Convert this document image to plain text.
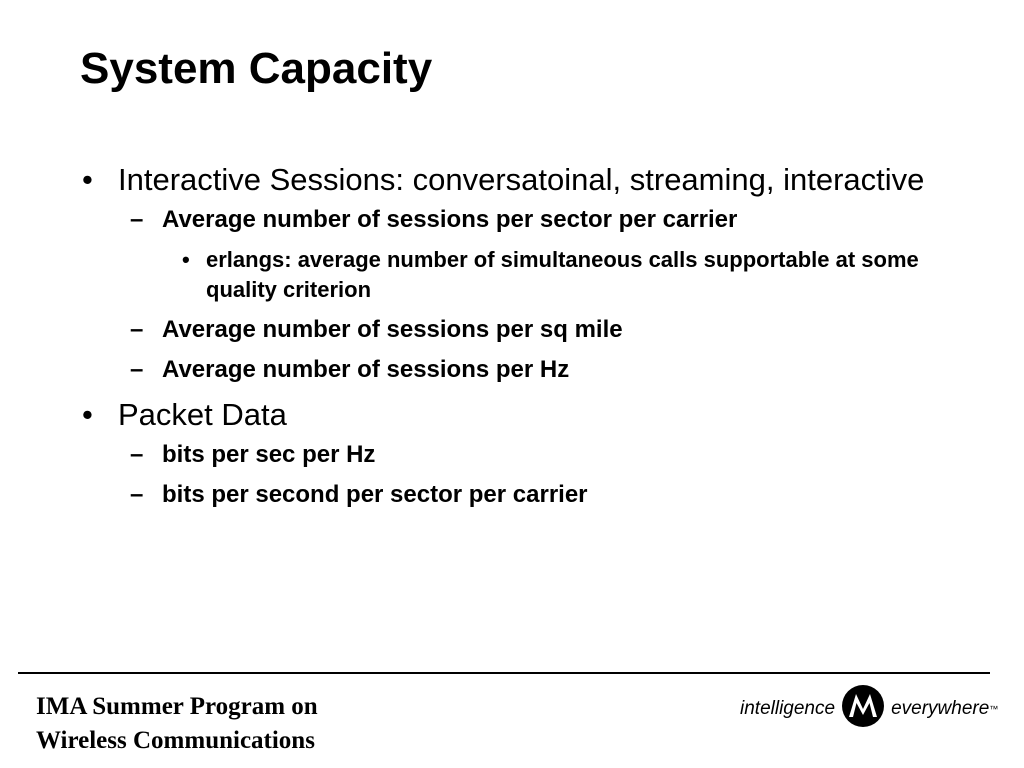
System Capacity
• Interactive Sessions: conversatoinal, streaming, interactive
– Average number of sessions per sector per carrier
• erlangs: average number of simultaneous calls supportable at some quality criterion
– Average number of sessions per sq mile
– Average number of sessions per Hz
• Packet Data
– bits per sec per Hz
– bits per second per sector per carrier
IMA Summer Program on
Wireless Communications
intelligence	everywhere ™
